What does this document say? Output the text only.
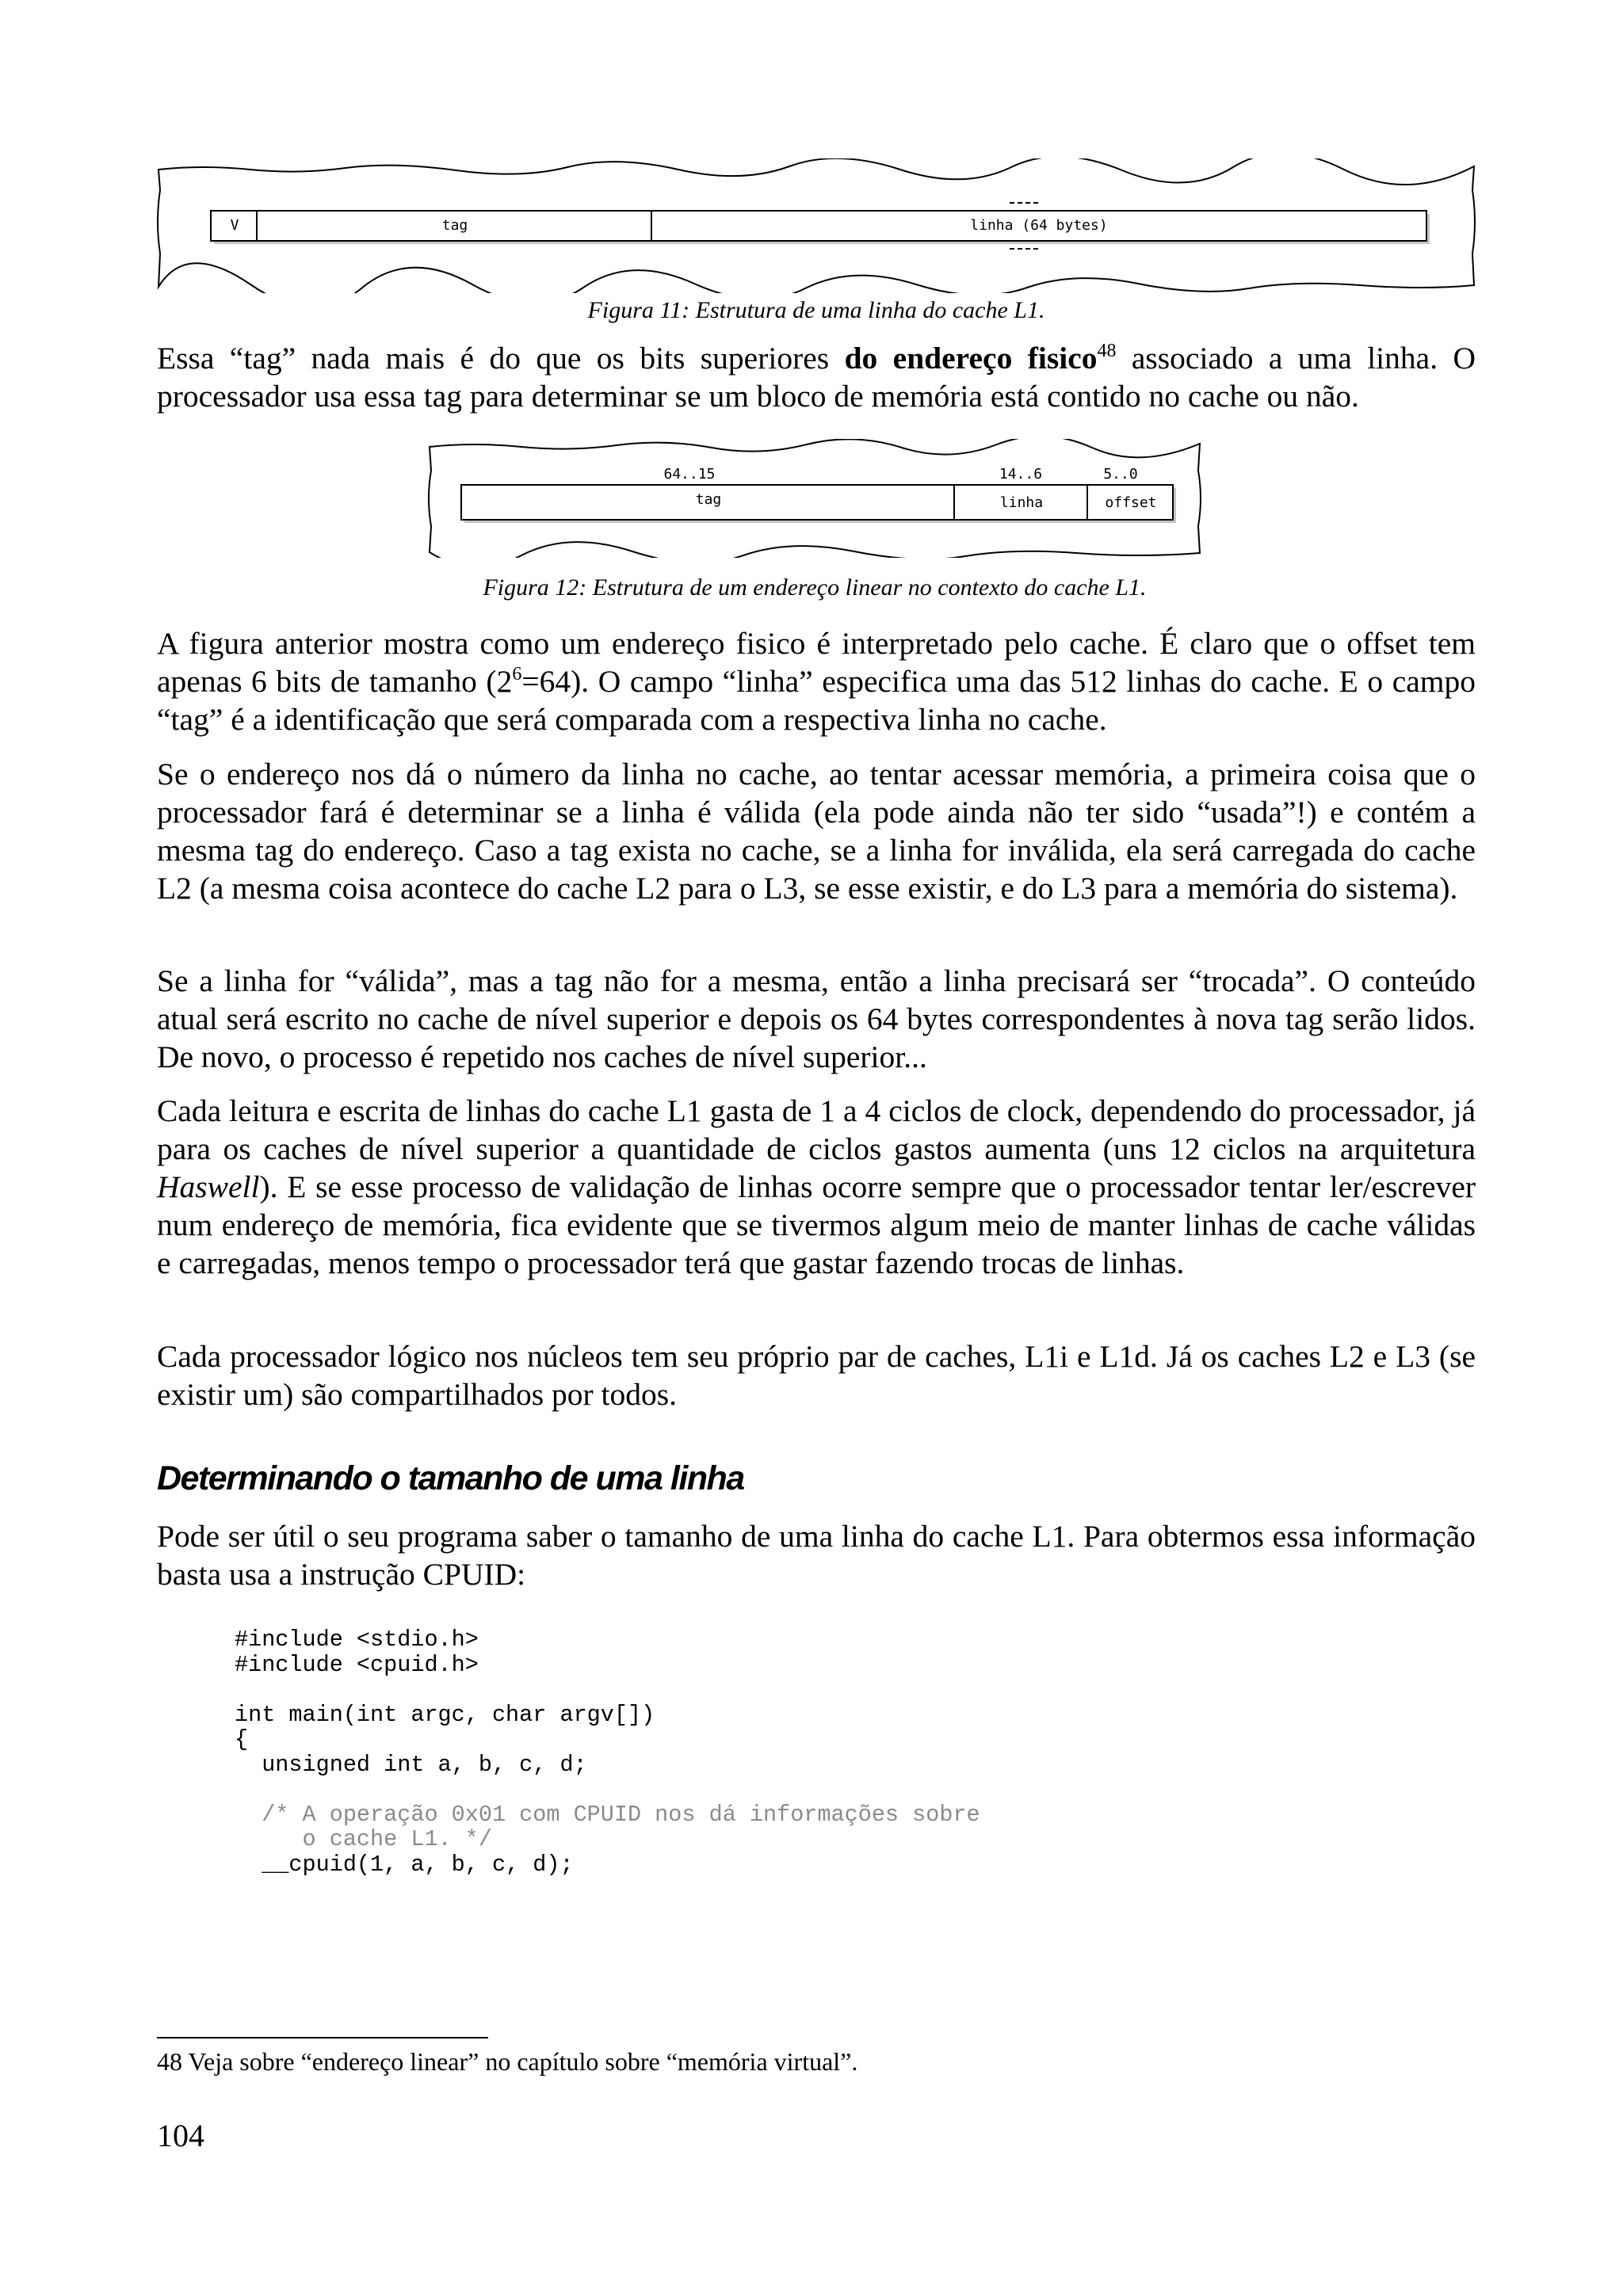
V	tag	linha (64 bytes)
Figura 11: Estrutura de uma linha do cache L1.

Essa “tag” nada mais é do que os bits superiores do endereço fisico$^{48}$ associado a uma linha. O processador usa essa tag para determinar se um bloco de memória está contido no cache ou não.

64..15	14..6	5..0
tag	linha	offset
Figura 12: Estrutura de um endereço linear no contexto do cache L1.

A figura anterior mostra como um endereço fisico é interpretado pelo cache. É claro que o offset tem apenas 6 bits de tamanho $(2^6=64)$. O campo “linha” especifica uma das 512 linhas do cache. E o campo “tag” é a identificação que será comparada com a respectiva linha no cache.

Se o endereço nos dá o número da linha no cache, ao tentar acessar memória, a primeira coisa que o processador fará é determinar se a linha é válida (ela pode ainda não ter sido “usada”!) e contém a mesma tag do endereço. Caso a tag exista no cache, se a linha for inválida, ela será carregada do cache L2 (a mesma coisa acontece do cache L2 para o L3, se esse existir, e do L3 para a memória do sistema).

Se a linha for “válida”, mas a tag não for a mesma, então a linha precisará ser “trocada”. O conteúdo atual será escrito no cache de nível superior e depois os 64 bytes correspondentes à nova tag serão lidos. De novo, o processo é repetido nos caches de nível superior...

Cada leitura e escrita de linhas do cache L1 gasta de 1 a 4 ciclos de clock, dependendo do processador, já para os caches de nível superior a quantidade de ciclos gastos aumenta (uns 12 ciclos na arquitetura Haswell). E se esse processo de validação de linhas ocorre sempre que o processador tentar ler/escrever num endereço de memória, fica evidente que se tivermos algum meio de manter linhas de cache válidas e carregadas, menos tempo o processador terá que gastar fazendo trocas de linhas.

Cada processador lógico nos núcleos tem seu próprio par de caches, L1i e L1d. Já os caches L2 e L3 (se existir um) são compartilhados por todos.

Determinando o tamanho de uma linha

Pode ser útil o seu programa saber o tamanho de uma linha do cache L1. Para obtermos essa informação basta usa a instrução CPUID:

#include <stdio.h>
#include <cpuid.h>

int main(int argc, char argv[])
{
unsigned int a, b, c, d;

/* A operação 0x01 com CPUID nos dá informações sobre
o cache L1. */
__cpuid(1, a, b, c, d);

48 Veja sobre “endereço linear” no capítulo sobre “memória virtual”.

104
